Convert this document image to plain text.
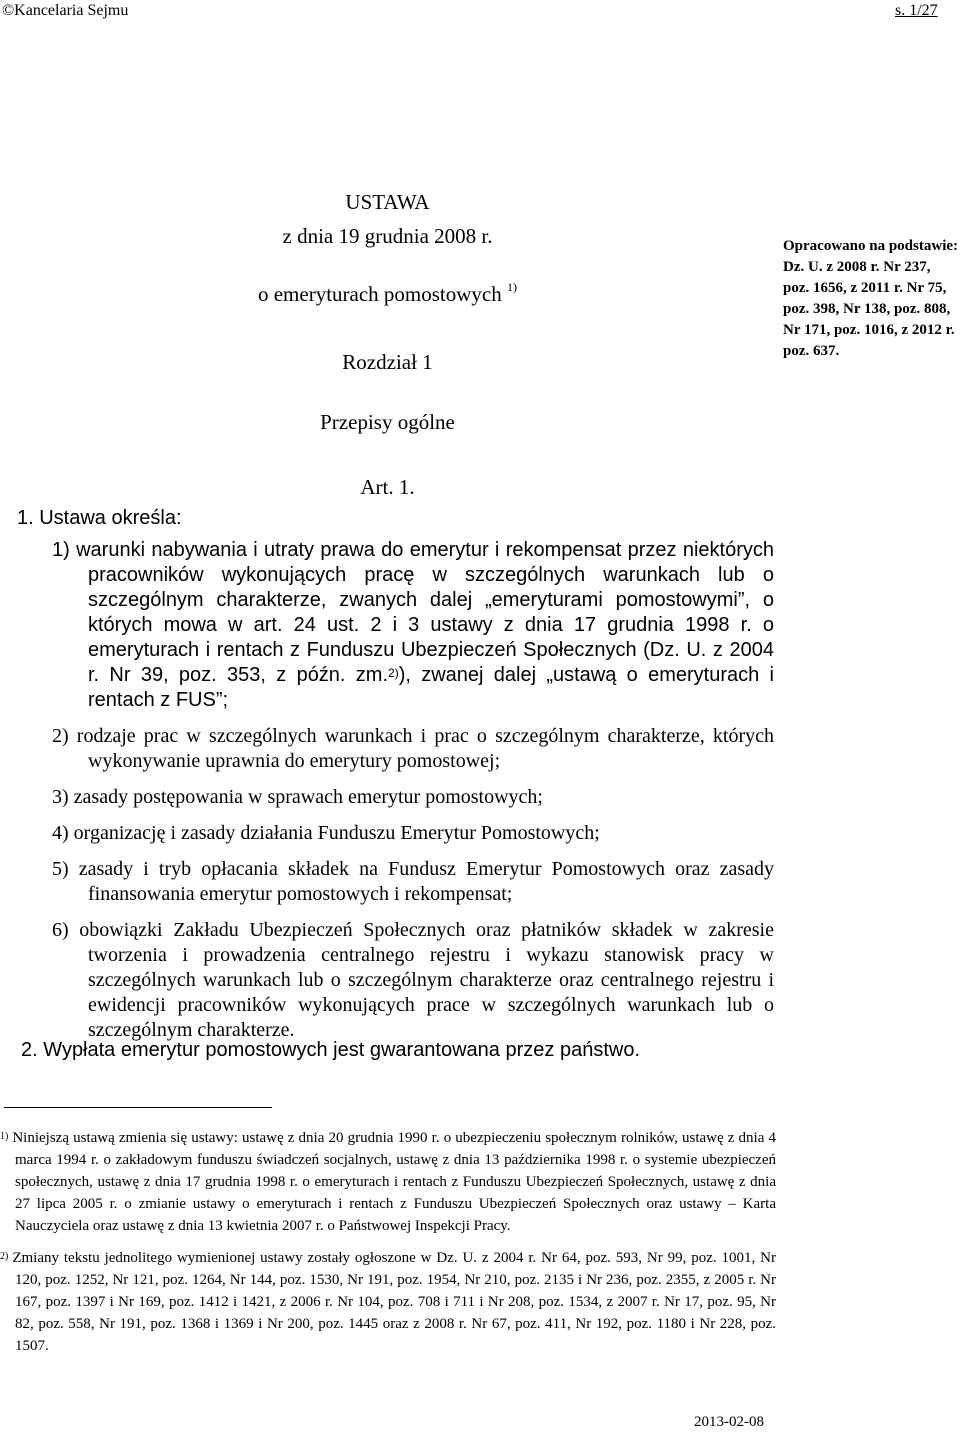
©Kancelaria Sejmu	s. 1/27
USTAWA
z dnia 19 grudnia 2008 r.
o emeryturach pomostowych $^{1)}$
Rozdział 1
Przepisy ogólne
Art. 1.
Opracowano na podstawie: Dz. U. z 2008 r. Nr 237, poz. 1656, z 2011 r. Nr 75, poz. 398, Nr 138, poz. 808, Nr 171, poz. 1016, z 2012 r. poz. 637.
1. Ustawa określa:
1) warunki nabywania i utraty prawa do emerytur i rekompensat przez niektórych pracowników wykonujących pracę w szczególnych warunkach lub o szczególnym charakterze, zwanych dalej „emeryturami pomostowymi”, o których mowa w art. 24 ust. 2 i 3 ustawy z dnia 17 grudnia 1998 r. o emeryturach i rentach z Funduszu Ubezpieczeń Społecznych (Dz. U. z 2004 r. Nr 39, poz. 353, z późn. zm.$^{2)}$), zwanej dalej „ustawą o emeryturach i rentach z FUS”;
2) rodzaje prac w szczególnych warunkach i prac o szczególnym charakterze, których wykonywanie uprawnia do emerytury pomostowej;
3) zasady postępowania w sprawach emerytur pomostowych;
4) organizację i zasady działania Funduszu Emerytur Pomostowych;
5) zasady i tryb opłacania składek na Fundusz Emerytur Pomostowych oraz zasady finansowania emerytur pomostowych i rekompensat;
6) obowiązki Zakładu Ubezpieczeń Społecznych oraz płatników składek w zakresie tworzenia i prowadzenia centralnego rejestru i wykazu stanowisk pracy w szczególnych warunkach lub o szczególnym charakterze oraz centralnego rejestru i ewidencji pracowników wykonujących prace w szczególnych warunkach lub o szczególnym charakterze.
2. Wypłata emerytur pomostowych jest gwarantowana przez państwo.
$^{1)}$ Niniejszą ustawą zmienia się ustawy: ustawę z dnia 20 grudnia 1990 r. o ubezpieczeniu społecznym rolników, ustawę z dnia 4 marca 1994 r. o zakładowym funduszu świadczeń socjalnych, ustawę z dnia 13 października 1998 r. o systemie ubezpieczeń społecznych, ustawę z dnia 17 grudnia 1998 r. o emeryturach i rentach z Funduszu Ubezpieczeń Społecznych, ustawę z dnia 27 lipca 2005 r. o zmianie ustawy o emeryturach i rentach z Funduszu Ubezpieczeń Społecznych oraz ustawy – Karta Nauczyciela oraz ustawę z dnia 13 kwietnia 2007 r. o Państwowej Inspekcji Pracy.
$^{2)}$ Zmiany tekstu jednolitego wymienionej ustawy zostały ogłoszone w Dz. U. z 2004 r. Nr 64, poz. 593, Nr 99, poz. 1001, Nr 120, poz. 1252, Nr 121, poz. 1264, Nr 144, poz. 1530, Nr 191, poz. 1954, Nr 210, poz. 2135 i Nr 236, poz. 2355, z 2005 r. Nr 167, poz. 1397 i Nr 169, poz. 1412 i 1421, z 2006 r. Nr 104, poz. 708 i 711 i Nr 208, poz. 1534, z 2007 r. Nr 17, poz. 95, Nr 82, poz. 558, Nr 191, poz. 1368 i 1369 i Nr 200, poz. 1445 oraz z 2008 r. Nr 67, poz. 411, Nr 192, poz. 1180 i Nr 228, poz. 1507.
2013-02-08
